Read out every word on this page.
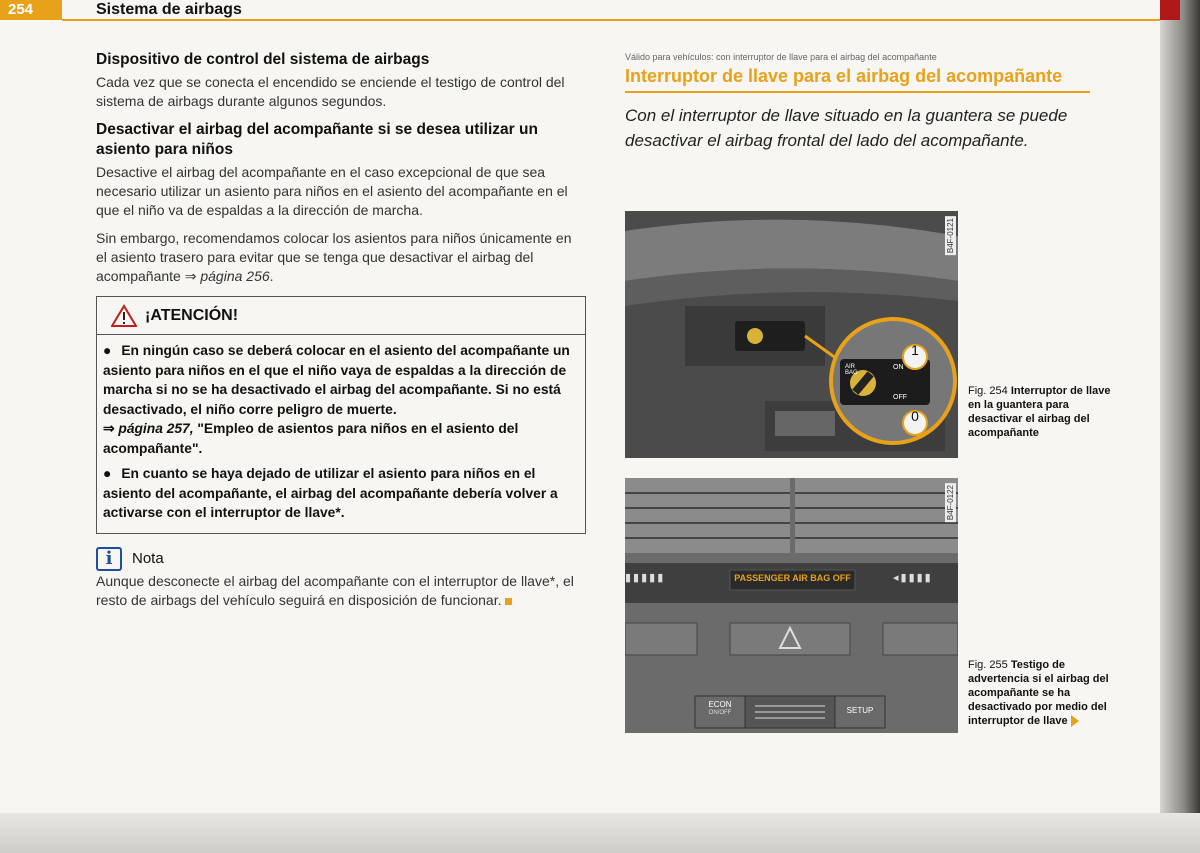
254	Sistema de airbags
Dispositivo de control del sistema de airbags

Cada vez que se conecta el encendido se enciende el testigo de control del sistema de airbags durante algunos segundos.

Desactivar el airbag del acompañante si se desea utilizar un asiento para niños

Desactive el airbag del acompañante en el caso excepcional de que sea necesario utilizar un asiento para niños en el asiento del acompañante en el que el niño va de espaldas a la dirección de marcha.

Sin embargo, recomendamos colocar los asientos para niños únicamente en el asiento trasero para evitar que se tenga que desactivar el airbag del acompañante ⇒ página 256.

¡ATENCIÓN!
● En ningún caso se deberá colocar en el asiento del acompañante un asiento para niños en el que el niño vaya de espaldas a la dirección de marcha si no se ha desactivado el airbag del acompañante. Si no está desactivado, el niño corre peligro de muerte.
⇒ página 257, "Empleo de asientos para niños en el asiento del acompañante".
● En cuanto se haya dejado de utilizar el asiento para niños en el asiento del acompañante, el airbag del acompañante debería volver a activarse con el interruptor de llave*.
i	Nota

Aunque desconecte el airbag del acompañante con el interruptor de llave*, el resto de airbags del vehículo seguirá en disposición de funcionar.

Válido para vehículos: con interruptor de llave para el airbag del acompañante
Interruptor de llave para el airbag del acompañante
Con el interruptor de llave situado en la guantera se puede desactivar el airbag frontal del lado del acompañante.
1
0
ON
OFF
AIR BAG
B4F-0121
Fig. 254 Interruptor de llave en la guantera para desactivar el airbag del acompañante
▮▮▮▮▮	◂▮▮▮▮
PASSENGER AIR BAG OFF
ECON
ON/OFF	SETUP
B4F-0122
Fig. 255 Testigo de advertencia si el airbag del acompañante se ha desactivado por medio del interruptor de llave
